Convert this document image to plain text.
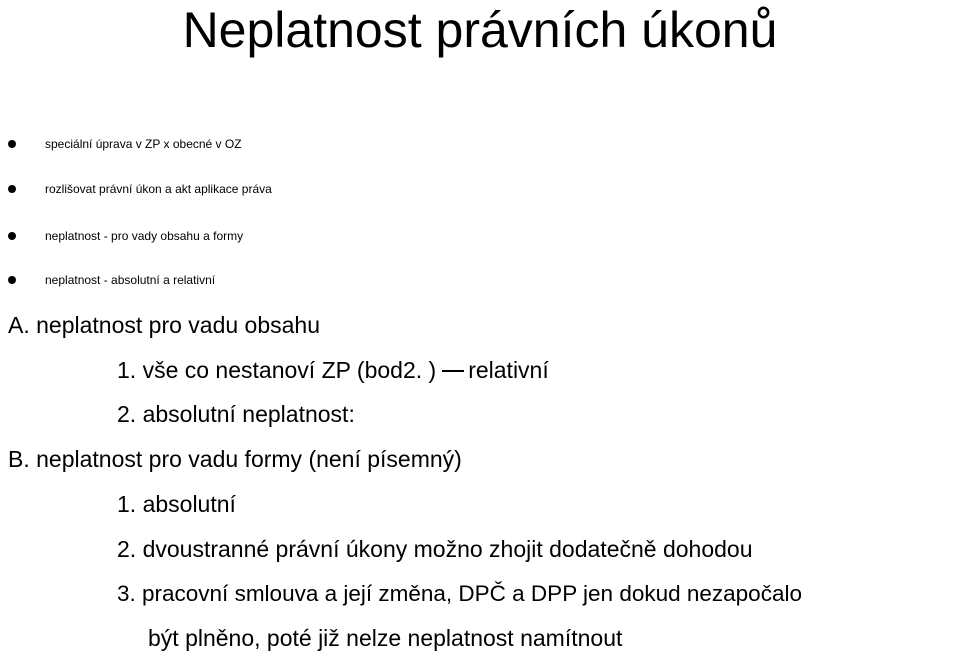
Neplatnost právních úkonů
speciální úprava v ZP x obecné v OZ
rozlišovat právní úkon a akt aplikace práva
neplatnost - pro vady obsahu a formy
neplatnost - absolutní a relativní
A. neplatnost pro vadu obsahu
1. vše co nestanoví ZP (bod2. ) relativní
2. absolutní neplatnost:
B. neplatnost pro vadu formy (není písemný)
1. absolutní
2. dvoustranné právní úkony možno zhojit dodatečně dohodou
3. pracovní smlouva a její změna, DPČ a DPP jen dokud nezapočalo
být plněno, poté již nelze neplatnost namítnout
